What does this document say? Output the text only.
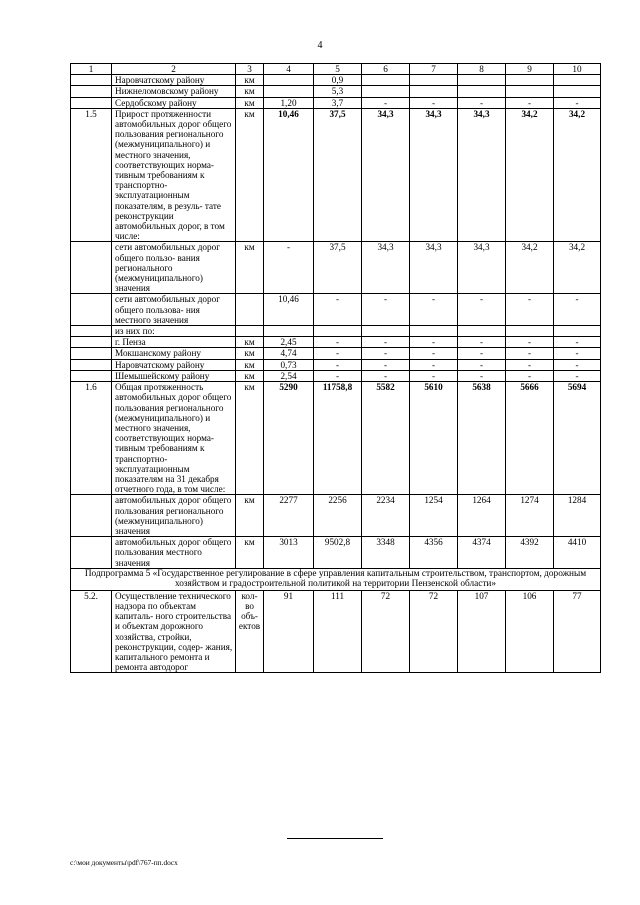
4
1	2	3	4	5	6	7	8	9	10
	Наровчатскому району	км		0,9					
	Нижнеломовскому району	км		5,3					
	Сердобскому району	км	1,20	3,7	-	-	-	-	-
1.5	Прирост протяженности автомобильных дорог общего пользования регионального (межмуниципального) и местного значения, соответствующих норма- тивным требованиям к транспортно- эксплуатационным показателям, в резуль- тате реконструкции автомобильных дорог, в том числе:	км	10,46	37,5	34,3	34,3	34,3	34,2	34,2
	сети автомобильных дорог общего пользо- вания регионального (межмуниципального) значения	км	-	37,5	34,3	34,3	34,3	34,2	34,2
	сети автомобильных дорог общего пользова- ния местного значения		10,46	-	-	-	-	-	-
	из них по:								
	г. Пенза	км	2,45	-	-	-	-	-	-
	Мокшанскому району	км	4,74	-	-	-	-	-	-
	Наровчатскому району	км	0,73	-	-	-	-	-	-
	Шемышейскому району	км	2,54	-	-	-	-	-	-
1.6	Общая протяженность автомобильных дорог общего пользования регионального (межмуниципального) и местного значения, соответствующих норма- тивным требованиям к транспортно- эксплуатационным показателям на 31 декабря отчетного года, в том числе:	км	5290	11758,8	5582	5610	5638	5666	5694
	автомобильных дорог общего пользования регионального (межмуниципального) значения	км	2277	2256	2234	1254	1264	1274	1284
	автомобильных дорог общего пользования местного значения	км	3013	9502,8	3348	4356	4374	4392	4410
Подпрограмма 5 «Государственное регулирование в сфере управления капитальным строительством, транспортом, дорожным хозяйством и градостроительной политикой на территории Пензенской области»									
5.2.	Осуществление технического надзора по объектам капиталь- ного строительства и объектам дорожного хозяйства, стройки, реконструкции, содер- жания, капитального ремонта и ремонта автодорог	кол- во объ- ектов	91	111	72	72	107	106	77
c:\мои документы\pdf\767-пп.docx
